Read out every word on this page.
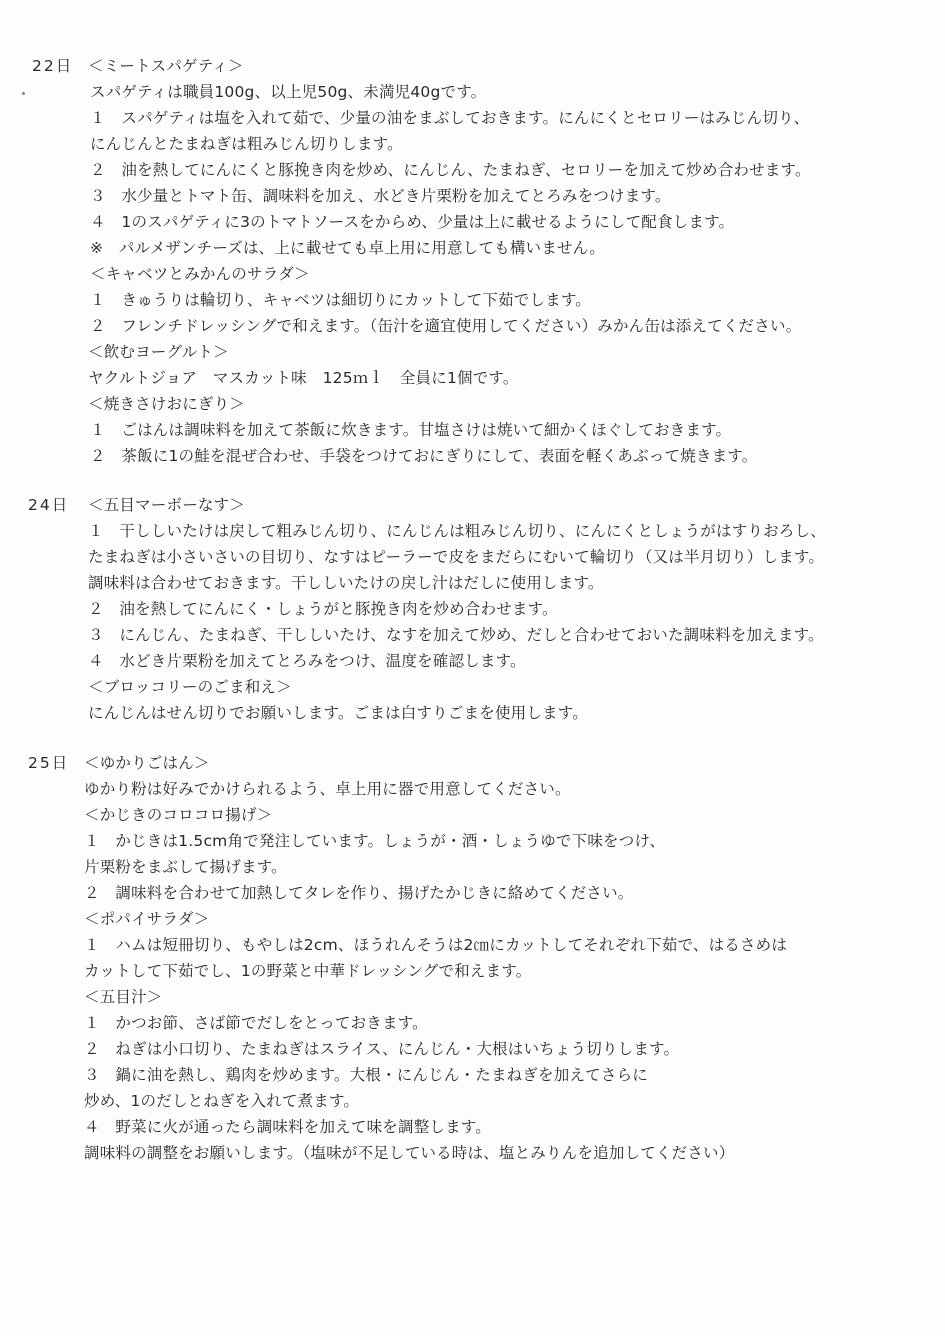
22日 ＜ミートスパゲティ＞
スパゲティは職員100g、以上児50g、未満児40gです。
１　スパゲティは塩を入れて茹で、少量の油をまぶしておきます。にんにくとセロリーはみじん切り、
にんじんとたまねぎは粗みじん切りします。
２　油を熱してにんにくと豚挽き肉を炒め、にんじん、たまねぎ、セロリーを加えて炒め合わせます。
３　水少量とトマト缶、調味料を加え、水どき片栗粉を加えてとろみをつけます。
４　1のスパゲティに3のトマトソースをからめ、少量は上に載せるようにして配食します。
※　パルメザンチーズは、上に載せても卓上用に用意しても構いません。
＜キャベツとみかんのサラダ＞
１　きゅうりは輪切り、キャベツは細切りにカットして下茹でします。
２　フレンチドレッシングで和えます。（缶汁を適宜使用してください）みかん缶は添えてください。
＜飲むヨーグルト＞
ヤクルトジョア　マスカット味　125ｍｌ　全員に1個です。
＜焼きさけおにぎり＞
１　ごはんは調味料を加えて茶飯に炊きます。甘塩さけは焼いて細かくほぐしておきます。
２　茶飯に1の鮭を混ぜ合わせ、手袋をつけておにぎりにして、表面を軽くあぶって焼きます。
24日 ＜五目マーボーなす＞
１　干ししいたけは戻して粗みじん切り、にんじんは粗みじん切り、にんにくとしょうがはすりおろし、
たまねぎは小さいさいの目切り、なすはピーラーで皮をまだらにむいて輪切り（又は半月切り）します。
調味料は合わせておきます。干ししいたけの戻し汁はだしに使用します。
２　油を熱してにんにく・しょうがと豚挽き肉を炒め合わせます。
３　にんじん、たまねぎ、干ししいたけ、なすを加えて炒め、だしと合わせておいた調味料を加えます。
４　水どき片栗粉を加えてとろみをつけ、温度を確認します。
＜ブロッコリーのごま和え＞
にんじんはせん切りでお願いします。ごまは白すりごまを使用します。
25日 ＜ゆかりごはん＞
ゆかり粉は好みでかけられるよう、卓上用に器で用意してください。
＜かじきのコロコロ揚げ＞
１　かじきは1.5cm角で発注しています。しょうが・酒・しょうゆで下味をつけ、
片栗粉をまぶして揚げます。
２　調味料を合わせて加熱してタレを作り、揚げたかじきに絡めてください。
＜ポパイサラダ＞
１　ハムは短冊切り、もやしは2cm、ほうれんそうは2㎝にカットしてそれぞれ下茹で、はるさめは
カットして下茹でし、1の野菜と中華ドレッシングで和えます。
＜五目汁＞
１　かつお節、さば節でだしをとっておきます。
２　ねぎは小口切り、たまねぎはスライス、にんじん・大根はいちょう切りします。
３　鍋に油を熱し、鶏肉を炒めます。大根・にんじん・たまねぎを加えてさらに
炒め、1のだしとねぎを入れて煮ます。
４　野菜に火が通ったら調味料を加えて味を調整します。
調味料の調整をお願いします。（塩味が不足している時は、塩とみりんを追加してください）
